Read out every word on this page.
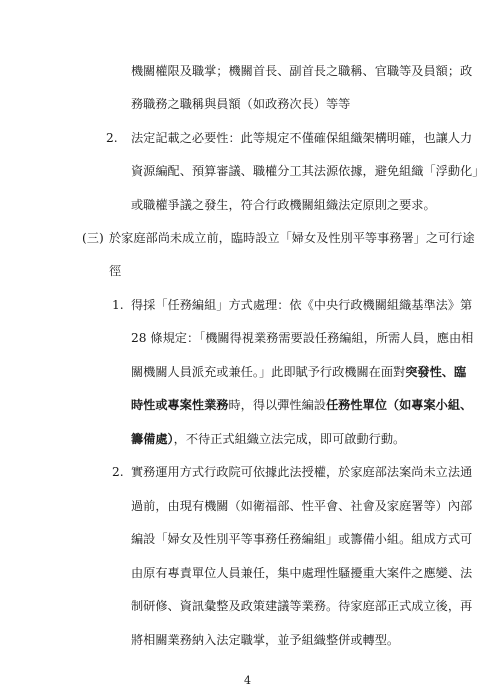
機關權限及職掌；機關首長、副首長之職稱、官職等及員額；政
務職務之職稱與員額（如政務次長）等等
2. 法定記載之必要性：此等規定不僅確保組織架構明確，也讓人力
資源編配、預算審議、職權分工其法源依據，避免組織「浮動化」
或職權爭議之發生，符合行政機關組織法定原則之要求。
(三) 於家庭部尚未成立前，臨時設立「婦女及性別平等事務署」之可行途
徑
1. 得採「任務編組」方式處理：依《中央行政機關組織基準法》第
28 條規定：「機關得視業務需要設任務編組，所需人員，應由相
關機關人員派充或兼任。」此即賦予行政機關在面對突發性、臨
時性或專案性業務時，得以彈性編設任務性單位（如專案小組、
籌備處），不待正式組織立法完成，即可啟動行動。
2. 實務運用方式行政院可依據此法授權，於家庭部法案尚未立法通
過前，由現有機關（如衛福部、性平會、社會及家庭署等）內部
編設「婦女及性別平等事務任務編組」或籌備小組。組成方式可
由原有專責單位人員兼任，集中處理性騷擾重大案件之應變、法
制研修、資訊彙整及政策建議等業務。待家庭部正式成立後，再
將相關業務納入法定職掌，並予組織整併或轉型。
4
